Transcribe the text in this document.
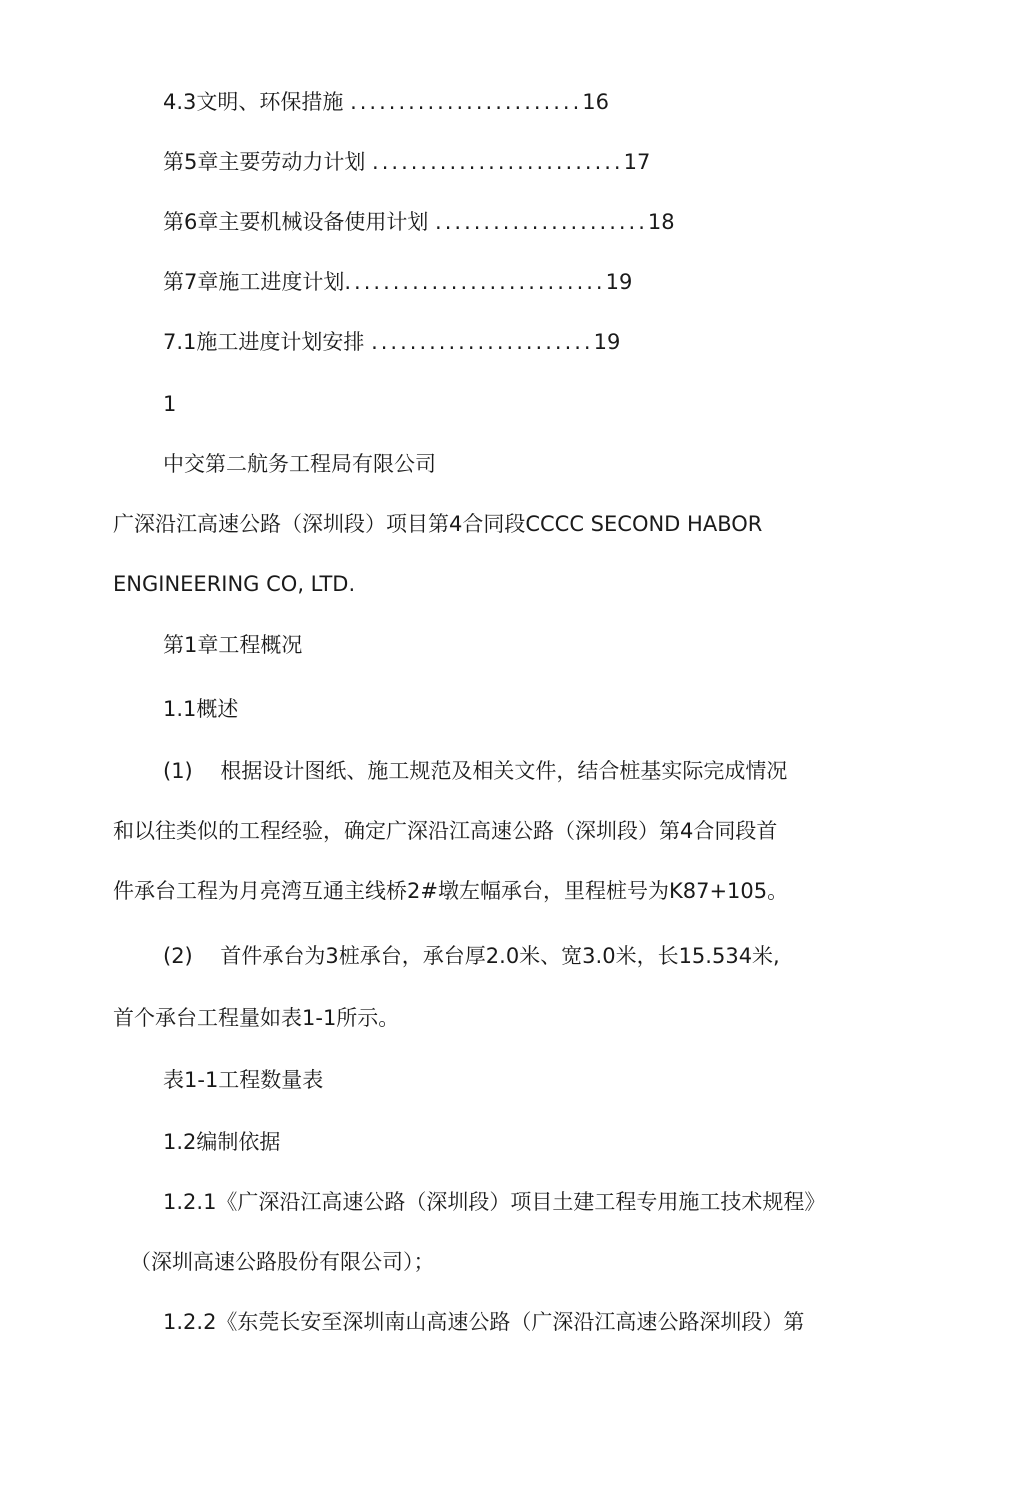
4.3文明、环保措施 ........................16
第5章主要劳动力计划 ..........................17
第6章主要机械设备使用计划 ......................18
第7章施工进度计划...........................19
7.1施工进度计划安排 .......................19
1
中交第二航务工程局有限公司
广深沿江高速公路（深圳段）项目第4合同段CCCC SECOND HABOR
ENGINEERING CO, LTD.
第1章工程概况
1.1概述
(1)　 根据设计图纸、施工规范及相关文件，结合桩基实际完成情况
和以往类似的工程经验，确定广深沿江高速公路（深圳段）第4合同段首
件承台工程为月亮湾互通主线桥2#墩左幅承台，里程桩号为K87+105。
(2)　 首件承台为3桩承台，承台厚2.0米、宽3.0米，长15.534米,
首个承台工程量如表1-1所示。
表1-1工程数量表
1.2编制依据
1.2.1《广深沿江高速公路（深圳段）项目土建工程专用施工技术规程》
（深圳高速公路股份有限公司）；
1.2.2《东莞长安至深圳南山高速公路（广深沿江高速公路深圳段）第
